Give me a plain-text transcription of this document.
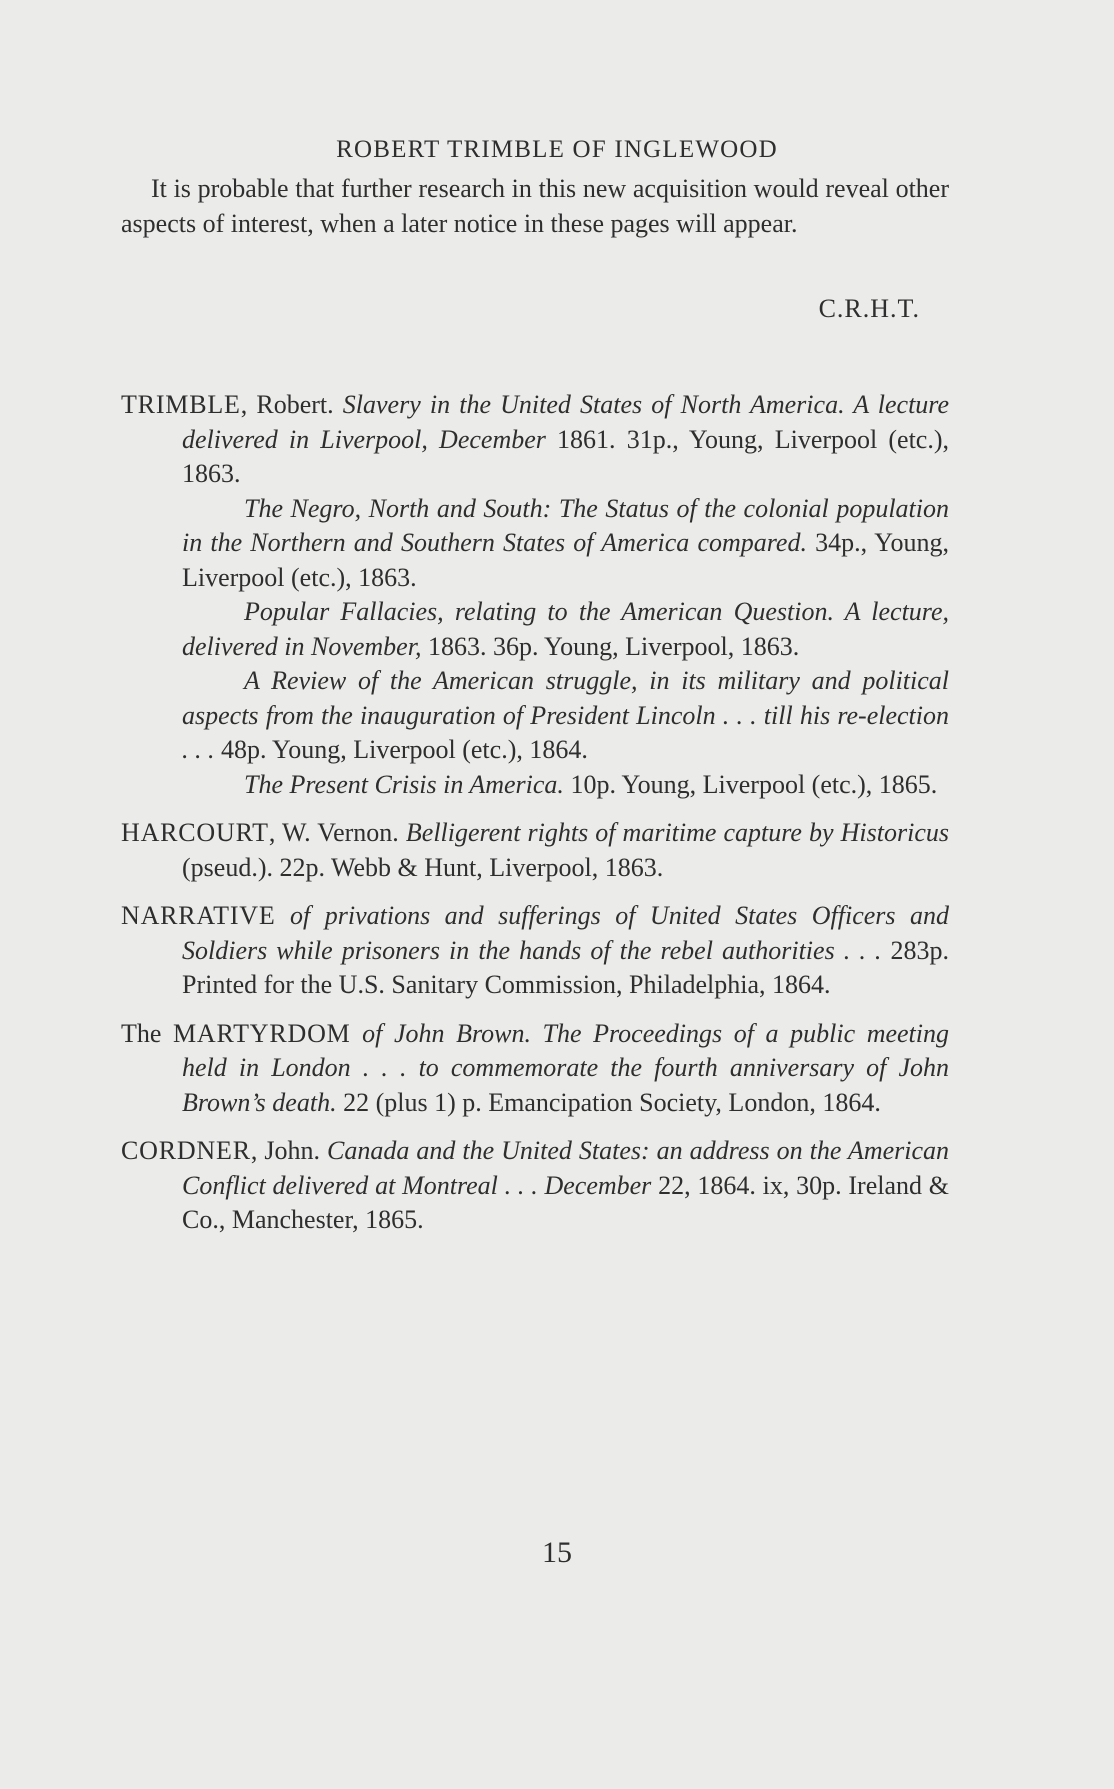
ROBERT TRIMBLE OF INGLEWOOD
It is probable that further research in this new acquisition would reveal other aspects of interest, when a later notice in these pages will appear.
C.R.H.T.

TRIMBLE, Robert. Slavery in the United States of North America. A lecture delivered in Liverpool, December 1861. 31p., Young, Liverpool (etc.), 1863.

The Negro, North and South: The Status of the colonial population in the Northern and Southern States of America compared. 34p., Young, Liverpool (etc.), 1863.

Popular Fallacies, relating to the American Question. A lecture, delivered in November, 1863. 36p. Young, Liverpool, 1863.

A Review of the American struggle, in its military and political aspects from the inauguration of President Lincoln . . . till his re-election . . . 48p. Young, Liverpool (etc.), 1864.

The Present Crisis in America. 10p. Young, Liverpool (etc.), 1865.

HARCOURT, W. Vernon. Belligerent rights of maritime capture by Historicus (pseud.). 22p. Webb & Hunt, Liverpool, 1863.

NARRATIVE of privations and sufferings of United States Officers and Soldiers while prisoners in the hands of the rebel authorities . . . 283p. Printed for the U.S. Sanitary Commission, Philadelphia, 1864.

The MARTYRDOM of John Brown. The Proceedings of a public meeting held in London . . . to commemorate the fourth anniversary of John Brown’s death. 22 (plus 1) p. Emancipation Society, London, 1864.

CORDNER, John. Canada and the United States: an address on the American Conflict delivered at Montreal . . . December 22, 1864. ix, 30p. Ireland & Co., Manchester, 1865.

15
